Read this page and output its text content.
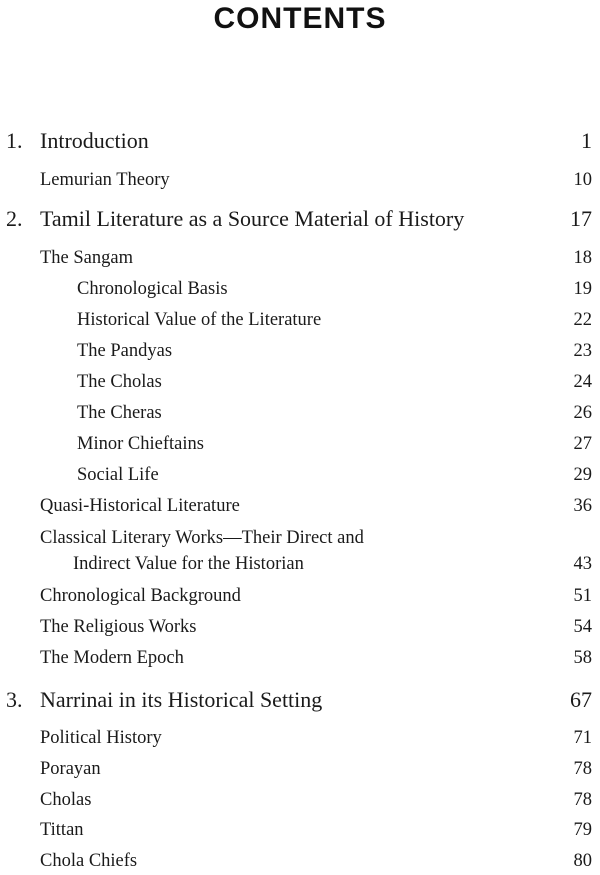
CONTENTS
1. Introduction	1
Lemurian Theory	10
2. Tamil Literature as a Source Material of History	17
The Sangam	18
Chronological Basis	19
Historical Value of the Literature	22
The Pandyas	23
The Cholas	24
The Cheras	26
Minor Chieftains	27
Social Life	29
Quasi-Historical Literature	36
Classical Literary Works—Their Direct and
Indirect Value for the Historian	43
Chronological Background	51
The Religious Works	54
The Modern Epoch	58
3. Narrinai in its Historical Setting	67
Political History	71
Porayan	78
Cholas	78
Tittan	79
Chola Chiefs	80
